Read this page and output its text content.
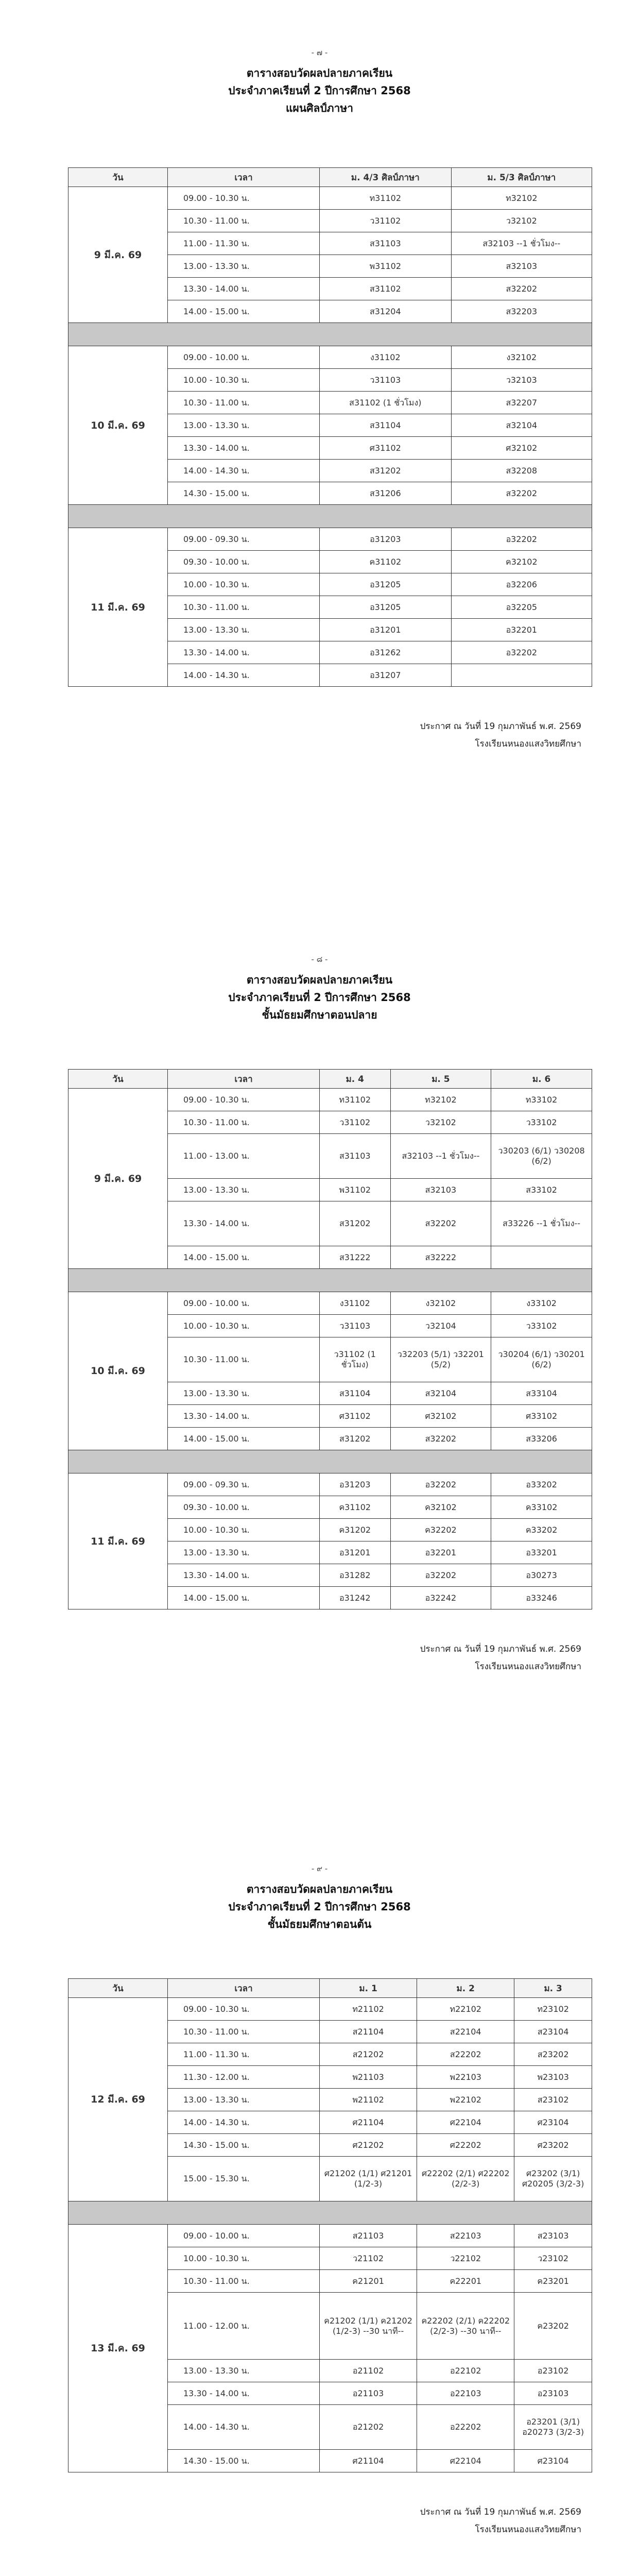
- ๗ -
ตารางสอบวัดผลปลายภาคเรียน
ประจำภาคเรียนที่ 2 ปีการศึกษา 2568
แผนศิลป์ภาษา
วัน	เวลา	ม. 4/3 ศิลป์ภาษา	ม. 5/3 ศิลป์ภาษา
9 มี.ค. 69	09.00 - 10.30 น.	ท31102	ท32102
	10.30 - 11.00 น.	ว31102	ว32102
	11.00 - 11.30 น.	ส31103	ส32103 --1 ชั่วโมง--
	13.00 - 13.30 น.	พ31102	ส32103
	13.30 - 14.00 น.	ส31102	ส32202
	14.00 - 15.00 น.	ส31204	ส32203

10 มี.ค. 69	09.00 - 10.00 น.	ง31102	ง32102
	10.00 - 10.30 น.	ว31103	ว32103
	10.30 - 11.00 น.	ส31102 (1 ชั่วโมง)	ส32207
	13.00 - 13.30 น.	ส31104	ส32104
	13.30 - 14.00 น.	ศ31102	ศ32102
	14.00 - 14.30 น.	ส31202	ส32208
	14.30 - 15.00 น.	ส31206	ส32202

11 มี.ค. 69	09.00 - 09.30 น.	อ31203	อ32202
	09.30 - 10.00 น.	ค31102	ค32102
	10.00 - 10.30 น.	อ31205	อ32206
	10.30 - 11.00 น.	อ31205	อ32205
	13.00 - 13.30 น.	อ31201	อ32201
	13.30 - 14.00 น.	อ31262	อ32202
	14.00 - 14.30 น.	อ31207	
ประกาศ ณ วันที่ 19 กุมภาพันธ์ พ.ศ. 2569
โรงเรียนหนองแสงวิทยศึกษา
- ๘ -
ตารางสอบวัดผลปลายภาคเรียน
ประจำภาคเรียนที่ 2 ปีการศึกษา 2568
ชั้นมัธยมศึกษาตอนปลาย
วัน	เวลา	ม. 4	ม. 5	ม. 6
9 มี.ค. 69	09.00 - 10.30 น.	ท31102	ท32102	ท33102
	10.30 - 11.00 น.	ว31102	ว32102	ว33102
	11.00 - 13.00 น.	ส31103	ส32103 --1 ชั่วโมง--	ว30203 (6/1) ว30208 (6/2)
	13.00 - 13.30 น.	พ31102	ส32103	ส33102
	13.30 - 14.00 น.	ส31202	ส32202	ส33226 --1 ชั่วโมง--
	14.00 - 15.00 น.	ส31222	ส32222	

10 มี.ค. 69	09.00 - 10.00 น.	ง31102	ง32102	ง33102
	10.00 - 10.30 น.	ว31103	ว32104	ว33102
	10.30 - 11.00 น.	ว31102 (1 ชั่วโมง)	ว32203 (5/1) ว32201 (5/2)	ว30204 (6/1) ว30201 (6/2)
	13.00 - 13.30 น.	ส31104	ส32104	ส33104
	13.30 - 14.00 น.	ศ31102	ศ32102	ศ33102
	14.00 - 15.00 น.	ส31202	ส32202	ส33206

11 มี.ค. 69	09.00 - 09.30 น.	อ31203	อ32202	อ33202
	09.30 - 10.00 น.	ค31102	ค32102	ค33102
	10.00 - 10.30 น.	ค31202	ค32202	ค33202
	13.00 - 13.30 น.	อ31201	อ32201	อ33201
	13.30 - 14.00 น.	อ31282	อ32202	อ30273
	14.00 - 15.00 น.	อ31242	อ32242	อ33246
ประกาศ ณ วันที่ 19 กุมภาพันธ์ พ.ศ. 2569
โรงเรียนหนองแสงวิทยศึกษา
- ๙ -
ตารางสอบวัดผลปลายภาคเรียน
ประจำภาคเรียนที่ 2 ปีการศึกษา 2568
ชั้นมัธยมศึกษาตอนต้น
วัน	เวลา	ม. 1	ม. 2	ม. 3
12 มี.ค. 69	09.00 - 10.30 น.	ท21102	ท22102	ท23102
	10.30 - 11.00 น.	ส21104	ส22104	ส23104
	11.00 - 11.30 น.	ส21202	ส22202	ส23202
	11.30 - 12.00 น.	พ21103	พ22103	พ23103
	13.00 - 13.30 น.	พ21102	พ22102	ส23102
	14.00 - 14.30 น.	ศ21104	ศ22104	ศ23104
	14.30 - 15.00 น.	ศ21202	ศ22202	ศ23202
	15.00 - 15.30 น.	ศ21202 (1/1) ศ21201 (1/2-3)	ศ22202 (2/1) ศ22202 (2/2-3)	ศ23202 (3/1) ศ20205 (3/2-3)

13 มี.ค. 69	09.00 - 10.00 น.	ส21103	ส22103	ส23103
	10.00 - 10.30 น.	ว21102	ว22102	ว23102
	10.30 - 11.00 น.	ค21201	ค22201	ค23201
	11.00 - 12.00 น.	ค21202 (1/1) ค21202 (1/2-3) --30 นาที--	ค22202 (2/1) ค22202 (2/2-3) --30 นาที--	ค23202
	13.00 - 13.30 น.	อ21102	อ22102	อ23102
	13.30 - 14.00 น.	อ21103	อ22103	อ23103
	14.00 - 14.30 น.	อ21202	อ22202	อ23201 (3/1) อ20273 (3/2-3)
	14.30 - 15.00 น.	ศ21104	ศ22104	ศ23104
ประกาศ ณ วันที่ 19 กุมภาพันธ์ พ.ศ. 2569
โรงเรียนหนองแสงวิทยศึกษา
